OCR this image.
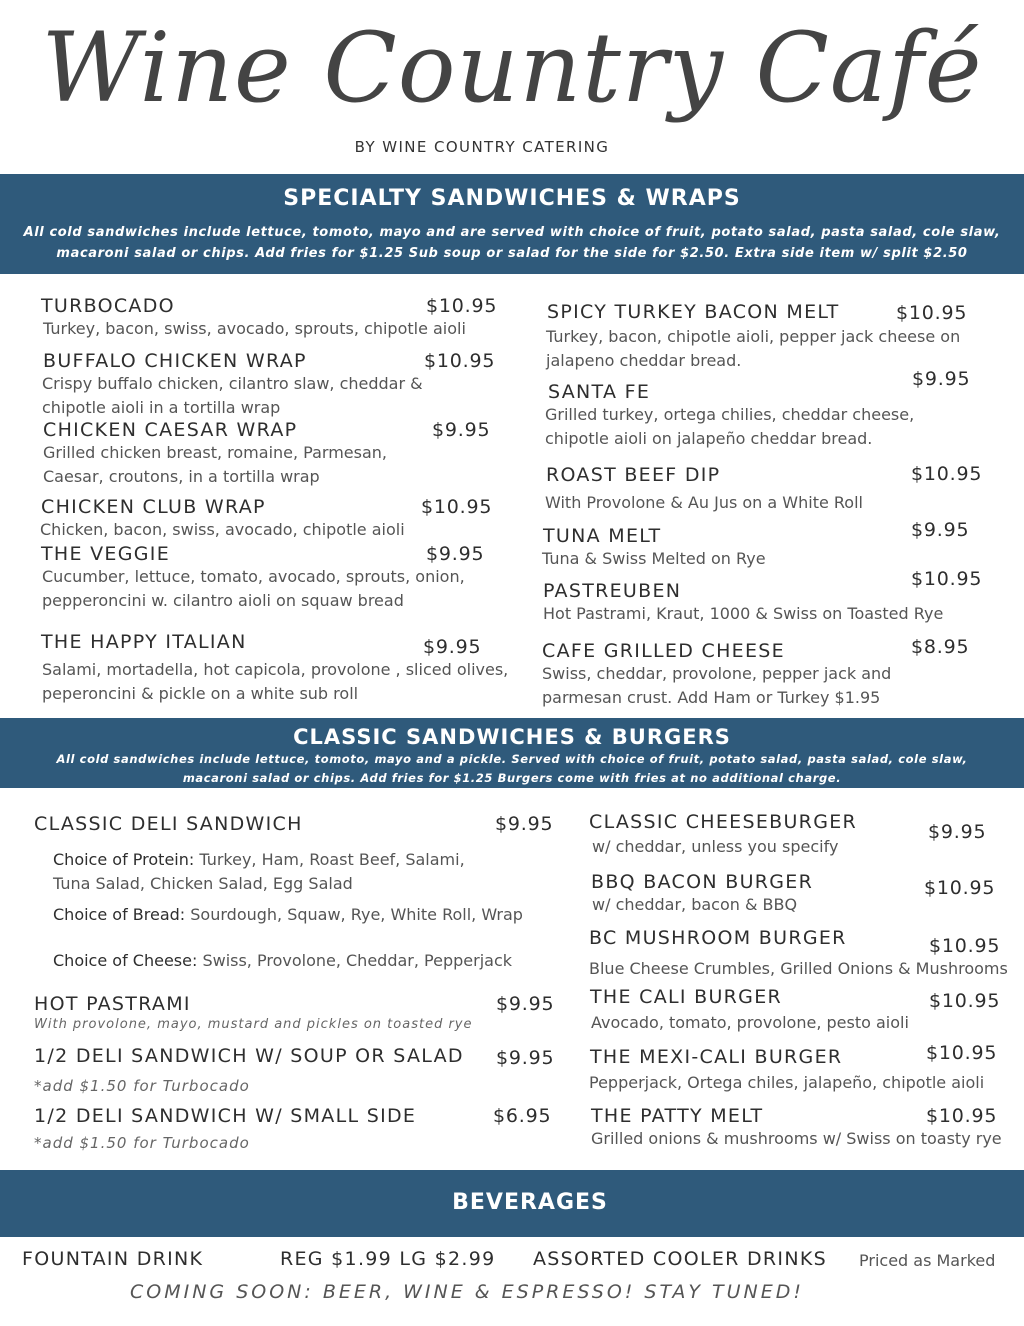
Wine Country Café
BY WINE COUNTRY CATERING
SPECIALTY SANDWICHES & WRAPS
All cold sandwiches include lettuce, tomoto, mayo and are served with choice of fruit, potato salad, pasta salad, cole slaw,
macaroni salad or chips. Add fries for $1.25 Sub soup or salad for the side for $2.50. Extra side item w/ split $2.50
TURBOCADO	$10.95
Turkey, bacon, swiss, avocado, sprouts, chipotle aioli
BUFFALO CHICKEN WRAP	$10.95
Crispy buffalo chicken, cilantro slaw, cheddar & chipotle aioli in a tortilla wrap
CHICKEN CAESAR WRAP	$9.95
Grilled chicken breast, romaine, Parmesan, Caesar, croutons, in a tortilla wrap
CHICKEN CLUB WRAP	$10.95
Chicken, bacon, swiss, avocado, chipotle aioli
THE VEGGIE	$9.95
Cucumber, lettuce, tomato, avocado, sprouts, onion, pepperoncini w. cilantro aioli on squaw bread
THE HAPPY ITALIAN	$9.95
Salami, mortadella, hot capicola, provolone , sliced olives, peperoncini & pickle on a white sub roll
SPICY TURKEY BACON MELT	$10.95
Turkey, bacon, chipotle aioli, pepper jack cheese on jalapeno cheddar bread.
SANTA FE
$9.95
Grilled turkey, ortega chilies, cheddar cheese, chipotle aioli on jalapeño cheddar bread.
ROAST BEEF DIP	$10.95
With Provolone & Au Jus on a White Roll
TUNA MELT	$9.95
Tuna & Swiss Melted on Rye
PASTREUBEN
$10.95
Hot Pastrami, Kraut, 1000 & Swiss on Toasted Rye
CAFE GRILLED CHEESE	$8.95
Swiss, cheddar, provolone, pepper jack and parmesan crust. Add Ham or Turkey $1.95
CLASSIC SANDWICHES & BURGERS
All cold sandwiches include lettuce, tomoto, mayo and a pickle. Served with choice of fruit, potato salad, pasta salad, cole slaw,
macaroni salad or chips. Add fries for $1.25 Burgers come with fries at no additional charge.
CLASSIC DELI SANDWICH	$9.95
Choice of Protein: Turkey, Ham, Roast Beef, Salami, Tuna Salad, Chicken Salad, Egg Salad
Choice of Bread: Sourdough, Squaw, Rye, White Roll, Wrap
Choice of Cheese: Swiss, Provolone, Cheddar, Pepperjack
HOT PASTRAMI	$9.95
With provolone, mayo, mustard and pickles on toasted rye
1/2 DELI SANDWICH W/ SOUP OR SALAD $9.95
*add $1.50 for Turbocado
1/2 DELI SANDWICH W/ SMALL SIDE	$6.95
*add $1.50 for Turbocado
CLASSIC CHEESEBURGER	$9.95
w/ cheddar, unless you specify
BBQ BACON BURGER	$10.95
w/ cheddar, bacon & BBQ
BC MUSHROOM BURGER	$10.95
Blue Cheese Crumbles, Grilled Onions & Mushrooms
THE CALI BURGER	$10.95
Avocado, tomato, provolone, pesto aioli
THE MEXI-CALI BURGER	$10.95
Pepperjack, Ortega chiles, jalapeño, chipotle aioli
THE PATTY MELT	$10.95
Grilled onions & mushrooms w/ Swiss on toasty rye
BEVERAGES
FOUNTAIN DRINK	REG $1.99 LG $2.99 ASSORTED COOLER DRINKS Priced as Marked
COMING SOON: BEER, WINE & ESPRESSO! STAY TUNED!
